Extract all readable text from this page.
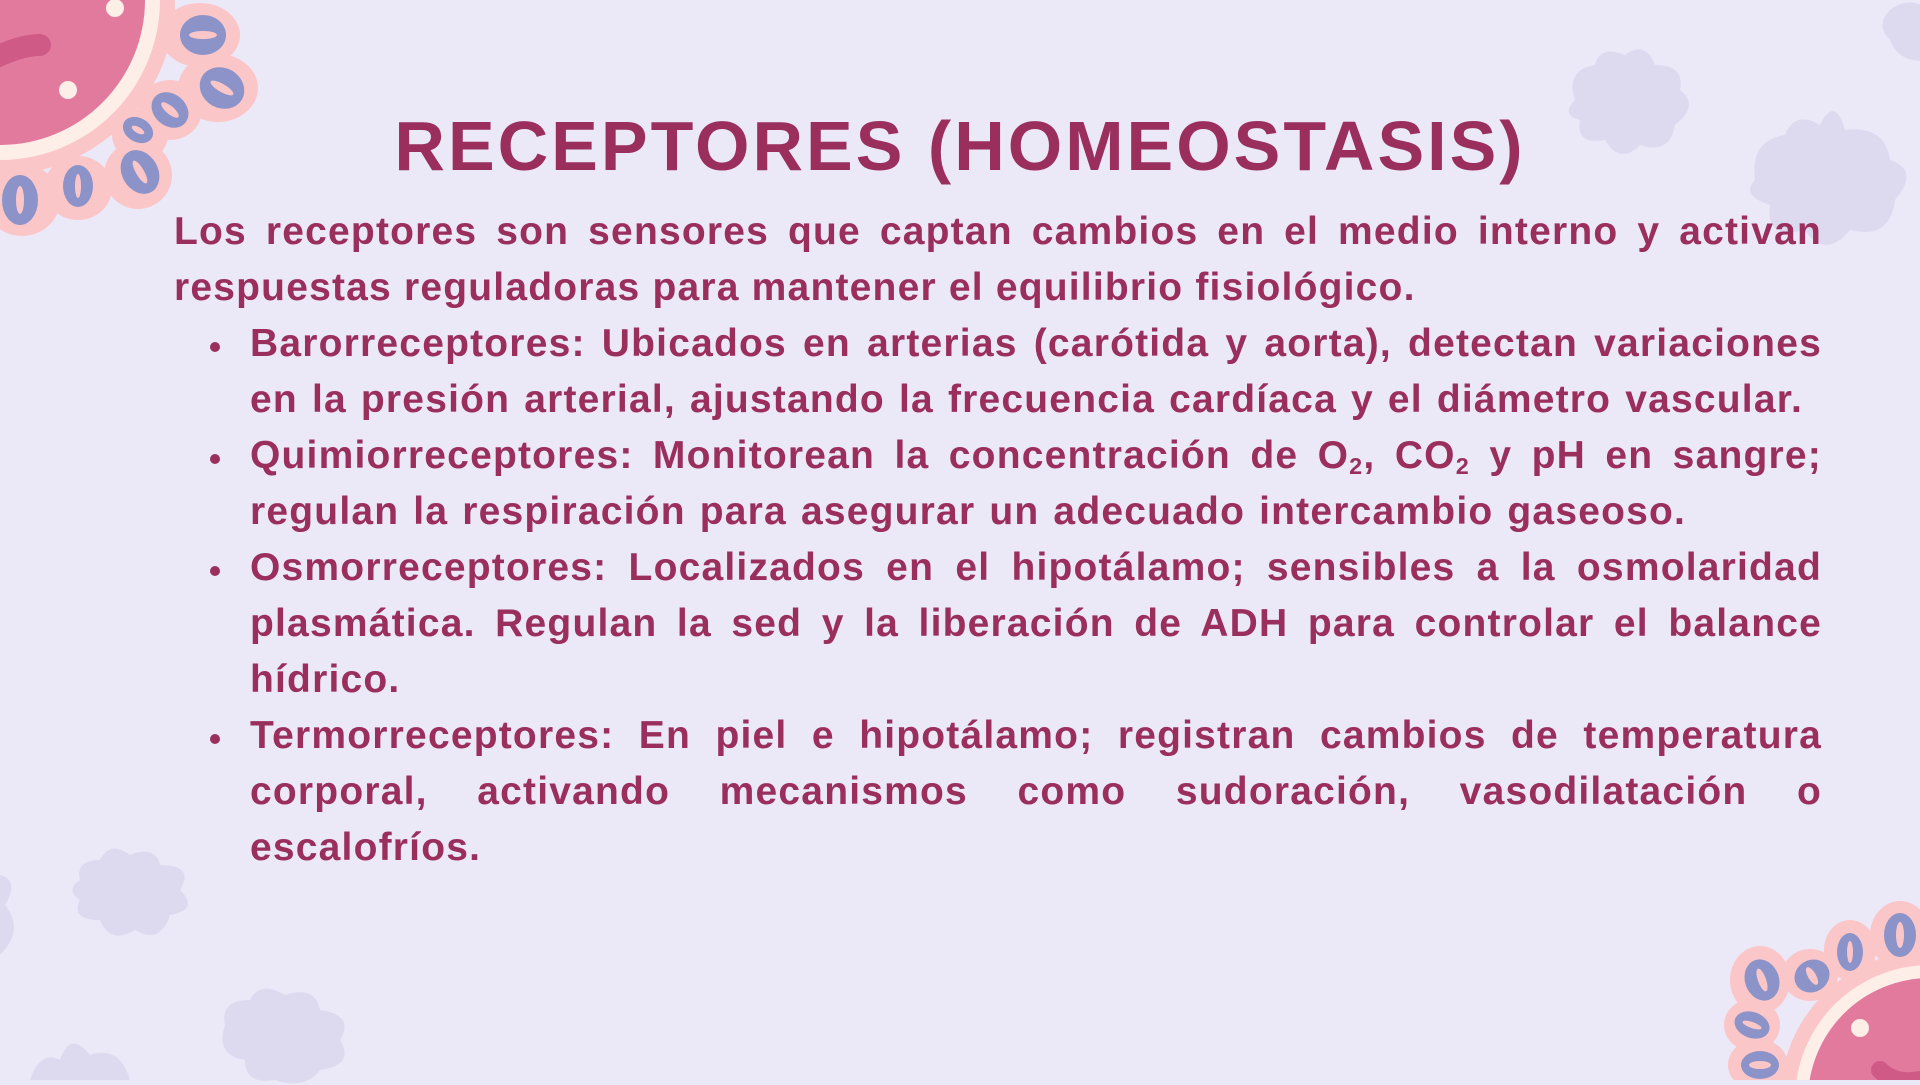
RECEPTORES (HOMEOSTASIS)

Los receptores son sensores que captan cambios en el medio interno y activan respuestas reguladoras para mantener el equilibrio fisiológico.

Barorreceptores: Ubicados en arterias (carótida y aorta), detectan variaciones en la presión arterial, ajustando la frecuencia cardíaca y el diámetro vascular.
Quimiorreceptores: Monitorean la concentración de $O_2$, $CO_2$ y pH en sangre; regulan la respiración para asegurar un adecuado intercambio gaseoso.
Osmorreceptores: Localizados en el hipotálamo; sensibles a la osmolaridad plasmática. Regulan la sed y la liberación de ADH para controlar el balance hídrico.
Termorreceptores: En piel e hipotálamo; registran cambios de temperatura corporal, activando mecanismos como sudoración, vasodilatación o escalofríos.
